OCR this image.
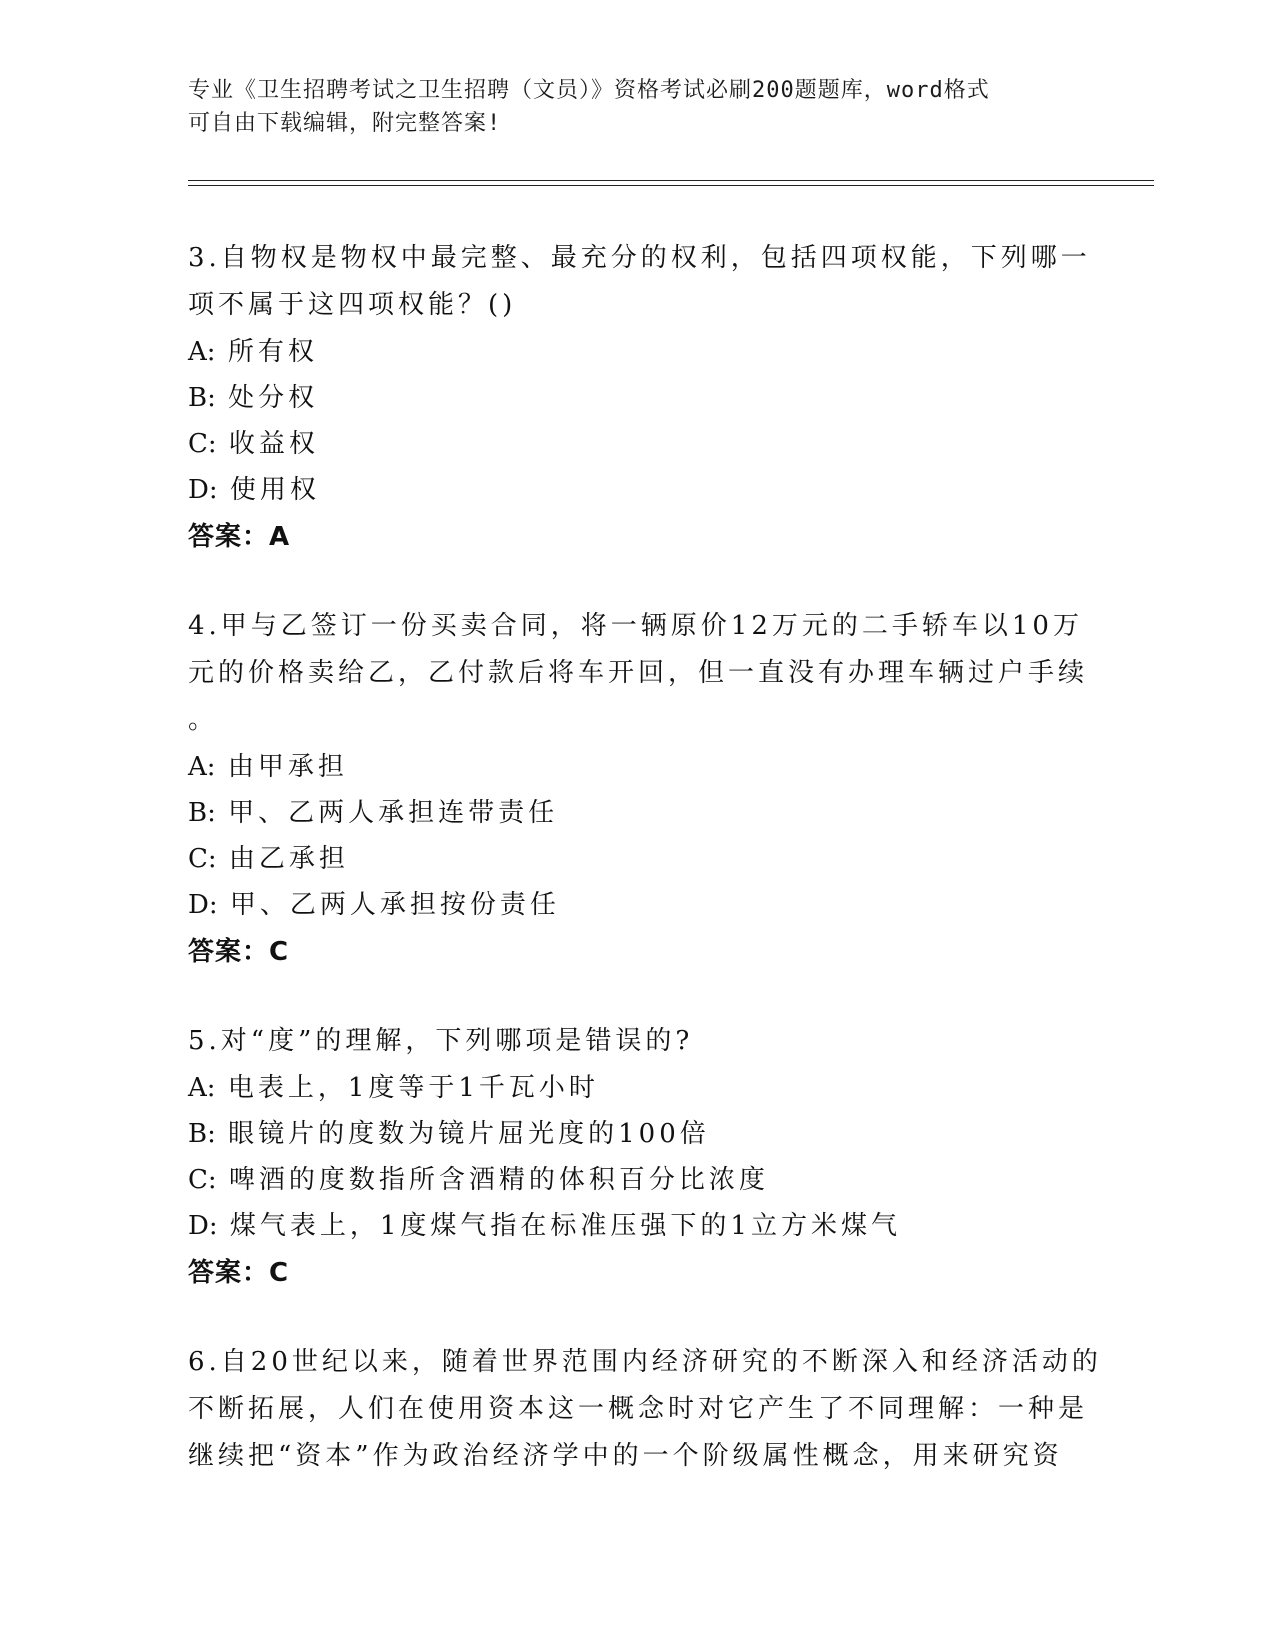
专业《卫生招聘考试之卫生招聘（文员）》资格考试必刷200题题库，word格式
可自由下载编辑，附完整答案!
3.自物权是物权中最完整、最充分的权利，包括四项权能，下列哪一
项不属于这四项权能？()
A: 所有权
B: 处分权
C: 收益权
D: 使用权
答案：A
4.甲与乙签订一份买卖合同，将一辆原价12万元的二手轿车以10万
元的价格卖给乙，乙付款后将车开回，但一直没有办理车辆过户手续
。
A: 由甲承担
B: 甲、乙两人承担连带责任
C: 由乙承担
D: 甲、乙两人承担按份责任
答案：C
5.对“度”的理解，下列哪项是错误的?
A: 电表上，1度等于1千瓦小时
B: 眼镜片的度数为镜片屈光度的100倍
C: 啤酒的度数指所含酒精的体积百分比浓度
D: 煤气表上，1度煤气指在标准压强下的1立方米煤气
答案：C
6.自20世纪以来，随着世界范围内经济研究的不断深入和经济活动的
不断拓展，人们在使用资本这一概念时对它产生了不同理解：一种是
继续把“资本”作为政治经济学中的一个阶级属性概念，用来研究资
